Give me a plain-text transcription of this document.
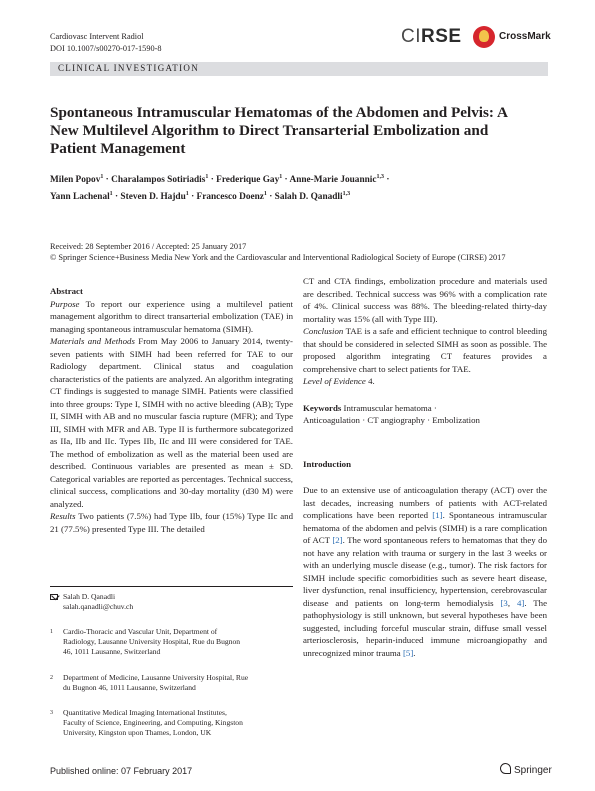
Cardiovasc Intervent Radiol
DOI 10.1007/s00270-017-1590-8
CIRSE	CrossMark
CLINICAL INVESTIGATION
Spontaneous Intramuscular Hematomas of the Abdomen and Pelvis: A New Multilevel Algorithm to Direct Transarterial Embolization and Patient Management
Milen Popov$^1$ · Charalampos Sotiriadis$^1$ · Frederique Gay$^1$ · Anne-Marie Jouannic$^{1,3}$ ·
Yann Lachenal$^1$ · Steven D. Hajdu$^1$ · Francesco Doenz$^1$ · Salah D. Qanadli$^{1,3}$
Received: 28 September 2016 / Accepted: 25 January 2017
© Springer Science+Business Media New York and the Cardiovascular and Interventional Radiological Society of Europe (CIRSE) 2017

Abstract

Purpose To report our experience using a multilevel patient management algorithm to direct transarterial embolization (TAE) in managing spontaneous intramuscular hematoma (SIMH).

Materials and Methods From May 2006 to January 2014, twenty-seven patients with SIMH had been referred for TAE to our Radiology department. Clinical status and coagulation characteristics of the patients are analyzed. An algorithm integrating CT findings is suggested to manage SIMH. Patients were classified into three groups: Type I, SIMH with no active bleeding (AB); Type II, SIMH with AB and no muscular fascia rupture (MFR); and Type III, SIMH with MFR and AB. Type II is furthermore subcategorized as IIa, IIb and IIc. Types IIb, IIc and III were considered for TAE. The method of embolization as well as the material been used are described. Continuous variables are presented as mean ± SD. Categorical variables are reported as percentages. Technical success, clinical success, complications and 30-day mortality (d30 M) were analyzed.

Results Two patients (7.5%) had Type IIb, four (15%) Type IIc and 21 (77.5%) presented Type III. The detailed

Salah D. Qanadli
salah.qanadli@chuv.ch
1 Cardio-Thoracic and Vascular Unit, Department of Radiology, Lausanne University Hospital, Rue du Bugnon 46, 1011 Lausanne, Switzerland
2 Department of Medicine, Lausanne University Hospital, Rue du Bugnon 46, 1011 Lausanne, Switzerland
3 Quantitative Medical Imaging International Institutes, Faculty of Science, Engineering, and Computing, Kingston University, Kingston upon Thames, London, UK

CT and CTA findings, embolization procedure and materials used are described. Technical success was 96% with a complication rate of 4%. Clinical success was 88%. The bleeding-related thirty-day mortality was 15% (all with Type III).

Conclusion TAE is a safe and efficient technique to control bleeding that should be considered in selected SIMH as soon as possible. The proposed algorithm integrating CT features provides a comprehensive chart to select patients for TAE.

Level of Evidence 4.

Keywords Intramuscular hematoma ·
Anticoagulation · CT angiography · Embolization

Introduction

Due to an extensive use of anticoagulation therapy (ACT) over the last decades, increasing numbers of patients with ACT-related complications have been reported [1]. Spontaneous intramuscular hematoma of the abdomen and pelvis (SIMH) is a rare complication of ACT [2]. The word spontaneous refers to hematomas that they do not have any relation with trauma or surgery in the last 3 weeks or with an underlying muscle disease (e.g., tumor). The risk factors for SIMH include specific comorbidities such as severe heart disease, liver dysfunction, renal insufficiency, hypertension, cerebrovascular disease and patients on long-term hemodialysis [3, 4]. The pathophysiology is still unknown, but several hypotheses have been suggested, including forceful muscular strain, diffuse small vessel arteriosclerosis, heparin-induced immune microangiopathy and unrecognized minor trauma [5].

Published online: 07 February 2017	Springer
